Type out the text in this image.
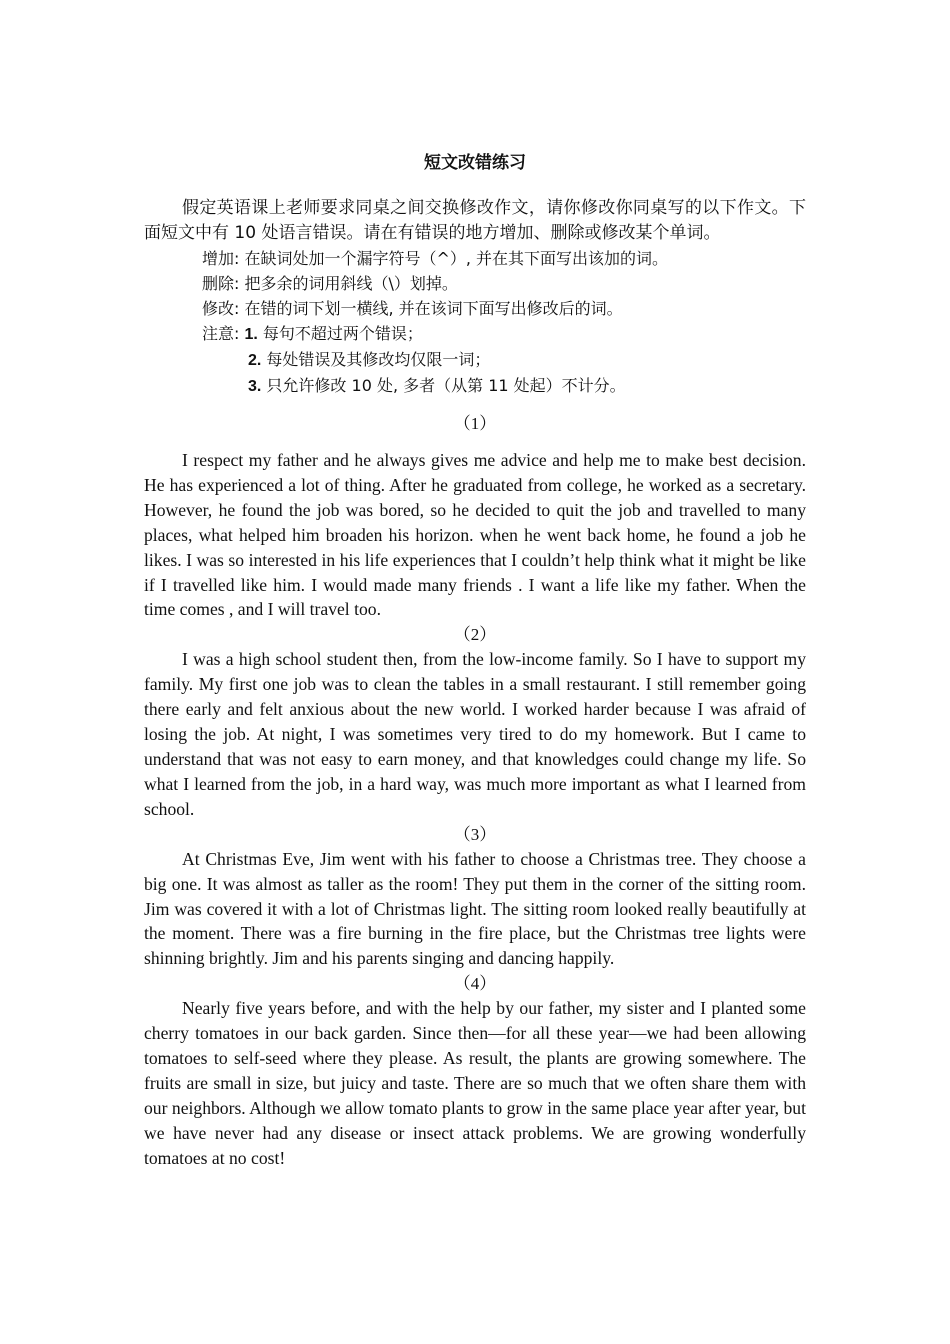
短文改错练习

假定英语课上老师要求同桌之间交换修改作文，请你修改你同桌写的以下作文。下面短文中有 10 处语言错误。请在有错误的地方增加、删除或修改某个单词。

增加: 在缺词处加一个漏字符号（^）, 并在其下面写出该加的词。

删除: 把多余的词用斜线（\）划掉。

修改: 在错的词下划一横线, 并在该词下面写出修改后的词。

注意: 1. 每句不超过两个错误；

2. 每处错误及其修改均仅限一词；

3. 只允许修改 10 处, 多者（从第 11 处起）不计分。

（1）

I respect my father and he always gives me advice and help me to make best decision. He has experienced a lot of thing. After he graduated from college, he worked as a secretary. However, he found the job was bored, so he decided to quit the job and travelled to many places, what helped him broaden his horizon. when he went back home, he found a job he likes. I was so interested in his life experiences that I couldn’t help think what it might be like if I travelled like him. I would made many friends . I want a life like my father. When the time comes , and I will travel too.

（2）

I was a high school student then, from the low-income family. So I have to support my family. My first one job was to clean the tables in a small restaurant. I still remember going there early and felt anxious about the new world. I worked harder because I was afraid of losing the job. At night, I was sometimes very tired to do my homework. But I came to understand that was not easy to earn money, and that knowledges could change my life. So what I learned from the job, in a hard way, was much more important as what I learned from school.

（3）

At Christmas Eve, Jim went with his father to choose a Christmas tree. They choose a big one. It was almost as taller as the room! They put them in the corner of the sitting room. Jim was covered it with a lot of Christmas light. The sitting room looked really beautifully at the moment. There was a fire burning in the fire place, but the Christmas tree lights were shinning brightly. Jim and his parents singing and dancing happily.

（4）

Nearly five years before, and with the help by our father, my sister and I planted some cherry tomatoes in our back garden. Since then—for all these year—we had been allowing tomatoes to self-seed where they please. As result, the plants are growing somewhere. The fruits are small in size, but juicy and taste. There are so much that we often share them with our neighbors. Although we allow tomato plants to grow in the same place year after year, but we have never had any disease or insect attack problems. We are growing wonderfully tomatoes at no cost!
